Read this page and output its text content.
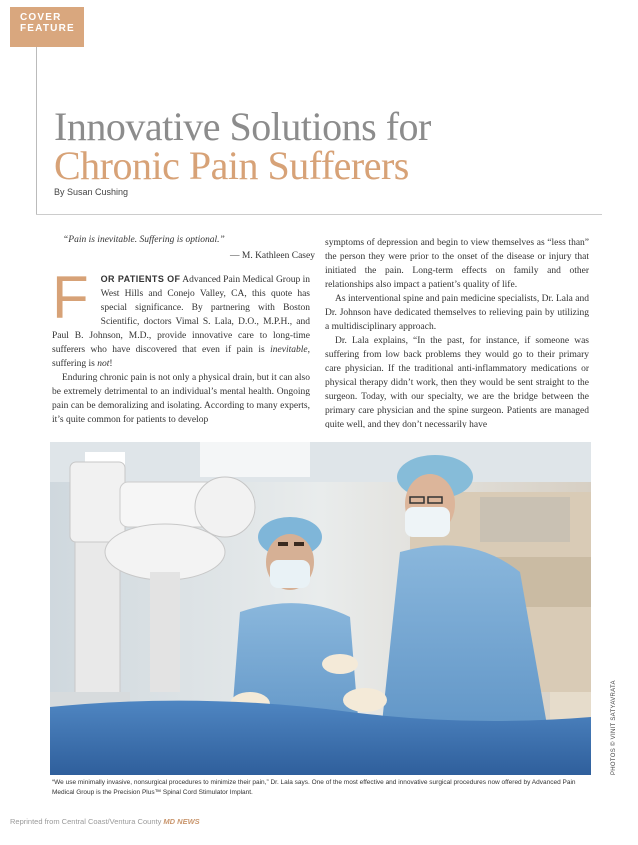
COVER
FEATURE
Innovative Solutions for
Chronic Pain Sufferers
By Susan Cushing
“Pain is inevitable. Suffering is optional.”
— M. Kathleen Casey

F OR PATIENTS OF Advanced Pain Medical Group in West Hills and Conejo Valley, CA, this quote has special significance. By partnering with Boston Scientific, doctors Vimal S. Lala, D.O., M.P.H., and Paul B. Johnson, M.D., provide innovative care to long-time sufferers who have discovered that even if pain is inevitable, suffering is not!

Enduring chronic pain is not only a physical drain, but it can also be extremely detrimental to an individual’s mental health. Ongoing pain can be demoralizing and isolating. According to many experts, it’s quite common for patients to develop

symptoms of depression and begin to view themselves as “less than” the person they were prior to the onset of the disease or injury that initiated the pain. Long-term effects on family and other relationships also impact a patient’s quality of life.

As interventional spine and pain medicine specialists, Dr. Lala and Dr. Johnson have dedicated themselves to relieving pain by utilizing a multidisciplinary approach.

Dr. Lala explains, “In the past, for instance, if someone was suffering from low back problems they would go to their primary care physician. If the traditional anti-inflammatory medications or physical therapy didn’t work, then they would be sent straight to the surgeon. Today, with our specialty, we are the bridge between the primary care physician and the spine surgeon. Patients are managed quite well, and they don’t necessarily have

PHOTOS © VINIT SATYAVRATA
“We use minimally invasive, nonsurgical procedures to minimize their pain,” Dr. Lala says. One of the most effective and innovative surgical procedures now offered by Advanced Pain Medical Group is the Precision Plus™ Spinal Cord Stimulator Implant.
Reprinted from Central Coast/Ventura County MD NEWS
